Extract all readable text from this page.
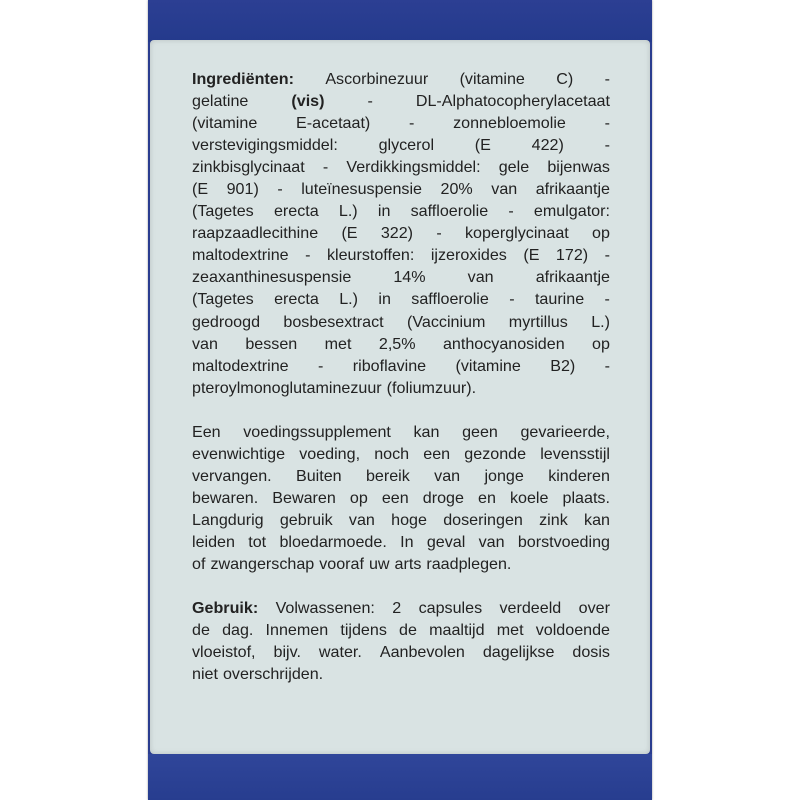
Ingrediënten: Ascorbinezuur (vitamine C) -
gelatine	(vis)	-	DL-Alphatocopherylacetaat
(vitamine E-acetaat) - zonnebloemolie -
verstevigingsmiddel:	glycerol	(E	422)	-
zinkbisglycinaat - Verdikkingsmiddel: gele bijenwas
(E 901) - luteïnesuspensie 20% van afrikaantje
(Tagetes erecta L.) in saffloerolie - emulgator:
raapzaadlecithine (E 322) - koperglycinaat op
maltodextrine - kleurstoffen: ijzeroxides (E 172) -
zeaxanthinesuspensie	14%	van	afrikaantje
(Tagetes erecta L.) in saffloerolie - taurine -
gedroogd bosbesextract (Vaccinium myrtillus L.)
van bessen met 2,5% anthocyanosiden op
maltodextrine - riboflavine (vitamine B2) -
pteroylmonoglutaminezuur (foliumzuur).
Een voedingssupplement kan geen gevarieerde,
evenwichtige voeding, noch een gezonde levensstijl
vervangen. Buiten bereik van jonge kinderen
bewaren. Bewaren op een droge en koele plaats.
Langdurig gebruik van hoge doseringen zink kan
leiden tot bloedarmoede. In geval van borstvoeding
of zwangerschap vooraf uw arts raadplegen.
Gebruik: Volwassenen: 2 capsules verdeeld over
de dag. Innemen tijdens de maaltijd met voldoende
vloeistof, bijv. water. Aanbevolen dagelijkse dosis
niet overschrijden.
